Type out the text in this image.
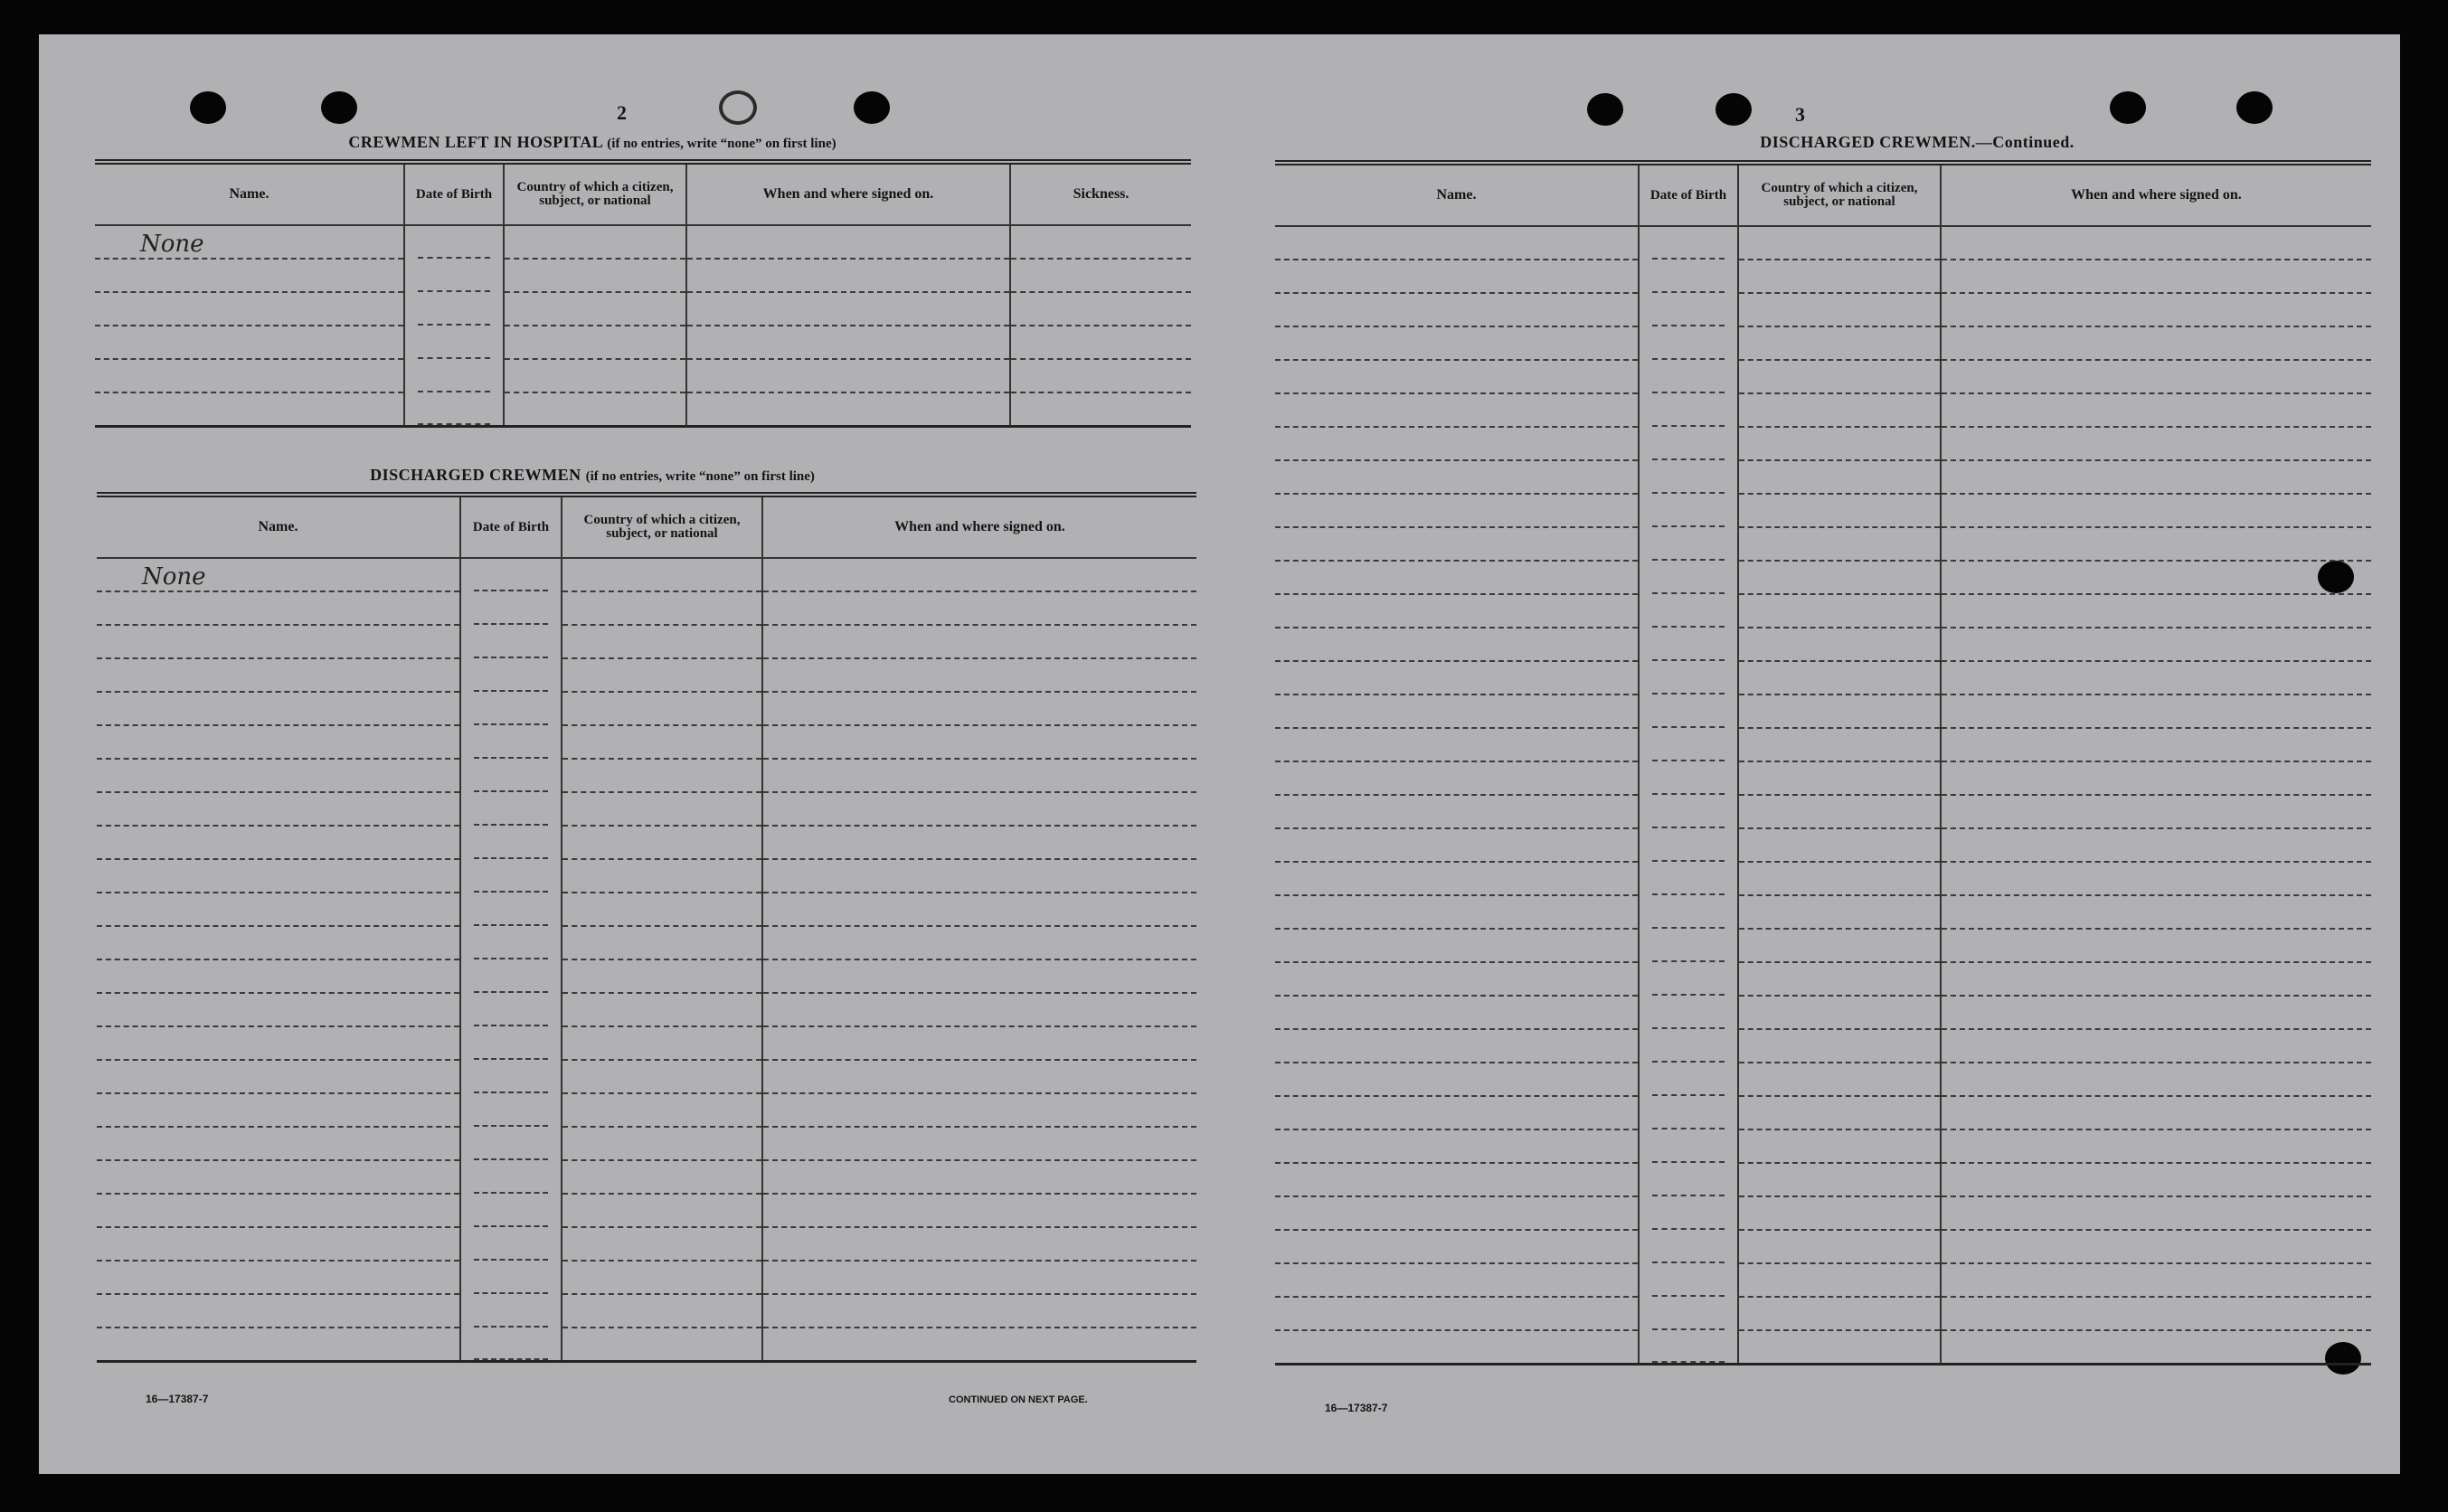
2
CREWMEN LEFT IN HOSPITAL (if no entries, write “none” on first line)
Name.	Date of Birth	Country of which a citizen, subject, or national	When and where signed on.	Sickness.
None	

DISCHARGED CREWMEN (if no entries, write “none” on first line)
Name.	Date of Birth	Country of which a citizen, subject, or national	When and where signed on.
None	

16—17387-7	CONTINUED ON NEXT PAGE.
3
DISCHARGED CREWMEN.—Continued.
Name.	Date of Birth	Country of which a citizen, subject, or national	When and where signed on.

16—17387-7
